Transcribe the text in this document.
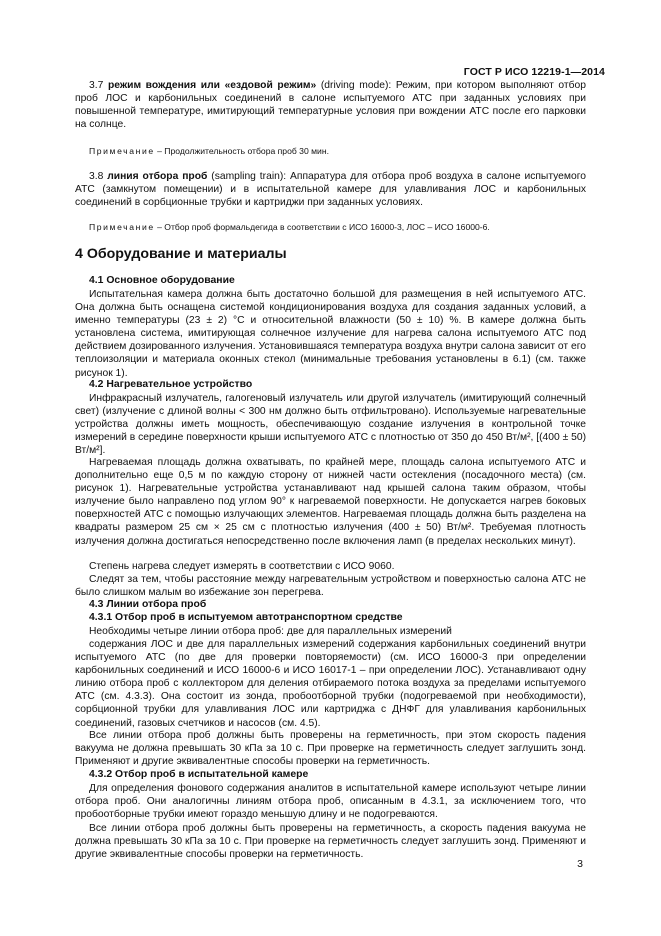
ГОСТ Р ИСО 12219-1—2014

3.7 режим вождения или «ездовой режим» (driving mode): Режим, при котором выполняют отбор проб ЛОС и карбонильных соединений в салоне испытуемого АТС при заданных условиях при повышенной температуре, имитирующий температурные условия при вождении АТС после его парковки на солнце.

Примечание – Продолжительность отбора проб 30 мин.

3.8 линия отбора проб (sampling train): Аппаратура для отбора проб воздуха в салоне испытуемого АТС (замкнутом помещении) и в испытательной камере для улавливания ЛОС и карбонильных соединений в сорбционные трубки и картриджи при заданных условиях.

Примечание – Отбор проб формальдегида в соответствии с ИСО 16000-3, ЛОС – ИСО 16000-6.

4 Оборудование и материалы
4.1 Основное оборудование

Испытательная камера должна быть достаточно большой для размещения в ней испытуемого АТС. Она должна быть оснащена системой кондиционирования воздуха для создания заданных условий, а именно температуры (23 ± 2) °С и относительной влажности (50 ± 10) %. В камере должна быть установлена система, имитирующая солнечное излучение для нагрева салона испытуемого АТС под действием дозированного излучения. Установившаяся температура воздуха внутри салона зависит от его теплоизоляции и материала оконных стекол (минимальные требования установлены в 6.1) (см. также рисунок 1).

4.2 Нагревательное устройство

Инфракрасный излучатель, галогеновый излучатель или другой излучатель (имитирующий солнечный свет) (излучение с длиной волны < 300 нм должно быть отфильтровано). Используемые нагревательные устройства должны иметь мощность, обеспечивающую создание излучения в контрольной точке измерений в середине поверхности крыши испытуемого АТС с плотностью от 350 до 450 Вт/м², [(400 ± 50) Вт/м²].

Нагреваемая площадь должна охватывать, по крайней мере, площадь салона испытуемого АТС и дополнительно еще 0,5 м по каждую сторону от нижней части остекления (посадочного места) (см. рисунок 1). Нагревательные устройства устанавливают над крышей салона таким образом, чтобы излучение было направлено под углом 90° к нагреваемой поверхности. Не допускается нагрев боковых поверхностей АТС с помощью излучающих элементов. Нагреваемая площадь должна быть разделена на квадраты размером 25 см × 25 см с плотностью излучения (400 ± 50) Вт/м². Требуемая плотность излучения должна достигаться непосредственно после включения ламп (в пределах нескольких минут).

Степень нагрева следует измерять в соответствии с ИСО 9060.

Следят за тем, чтобы расстояние между нагревательным устройством и поверхностью салона АТС не было слишком малым во избежание зон перегрева.

4.3 Линии отбора проб
4.3.1 Отбор проб в испытуемом автотранспортном средстве

Необходимы четыре линии отбора проб: две для параллельных измерений

содержания ЛОС и две для параллельных измерений содержания карбонильных соединений внутри испытуемого АТС (по две для проверки повторяемости) (см. ИСО 16000-3 при определении карбонильных соединений и ИСО 16000-6 и ИСО 16017-1 – при определении ЛОС). Устанавливают одну линию отбора проб с коллектором для деления отбираемого потока воздуха за пределами испытуемого АТС (см. 4.3.3). Она состоит из зонда, пробоотборной трубки (подогреваемой при необходимости), сорбционной трубки для улавливания ЛОС или картриджа с ДНФГ для улавливания карбонильных соединений, газовых счетчиков и насосов (см. 4.5).

Все линии отбора проб должны быть проверены на герметичность, при этом скорость падения вакуума не должна превышать 30 кПа за 10 с. При проверке на герметичность следует заглушить зонд. Применяют и другие эквивалентные способы проверки на герметичность.

4.3.2 Отбор проб в испытательной камере

Для определения фонового содержания аналитов в испытательной камере используют четыре линии отбора проб. Они аналогичны линиям отбора проб, описанным в 4.3.1, за исключением того, что пробоотборные трубки имеют гораздо меньшую длину и не подогреваются.

Все линии отбора проб должны быть проверены на герметичность, а скорость падения вакуума не должна превышать 30 кПа за 10 с. При проверке на герметичность следует заглушить зонд. Применяют и другие эквивалентные способы проверки на герметичность.

3
